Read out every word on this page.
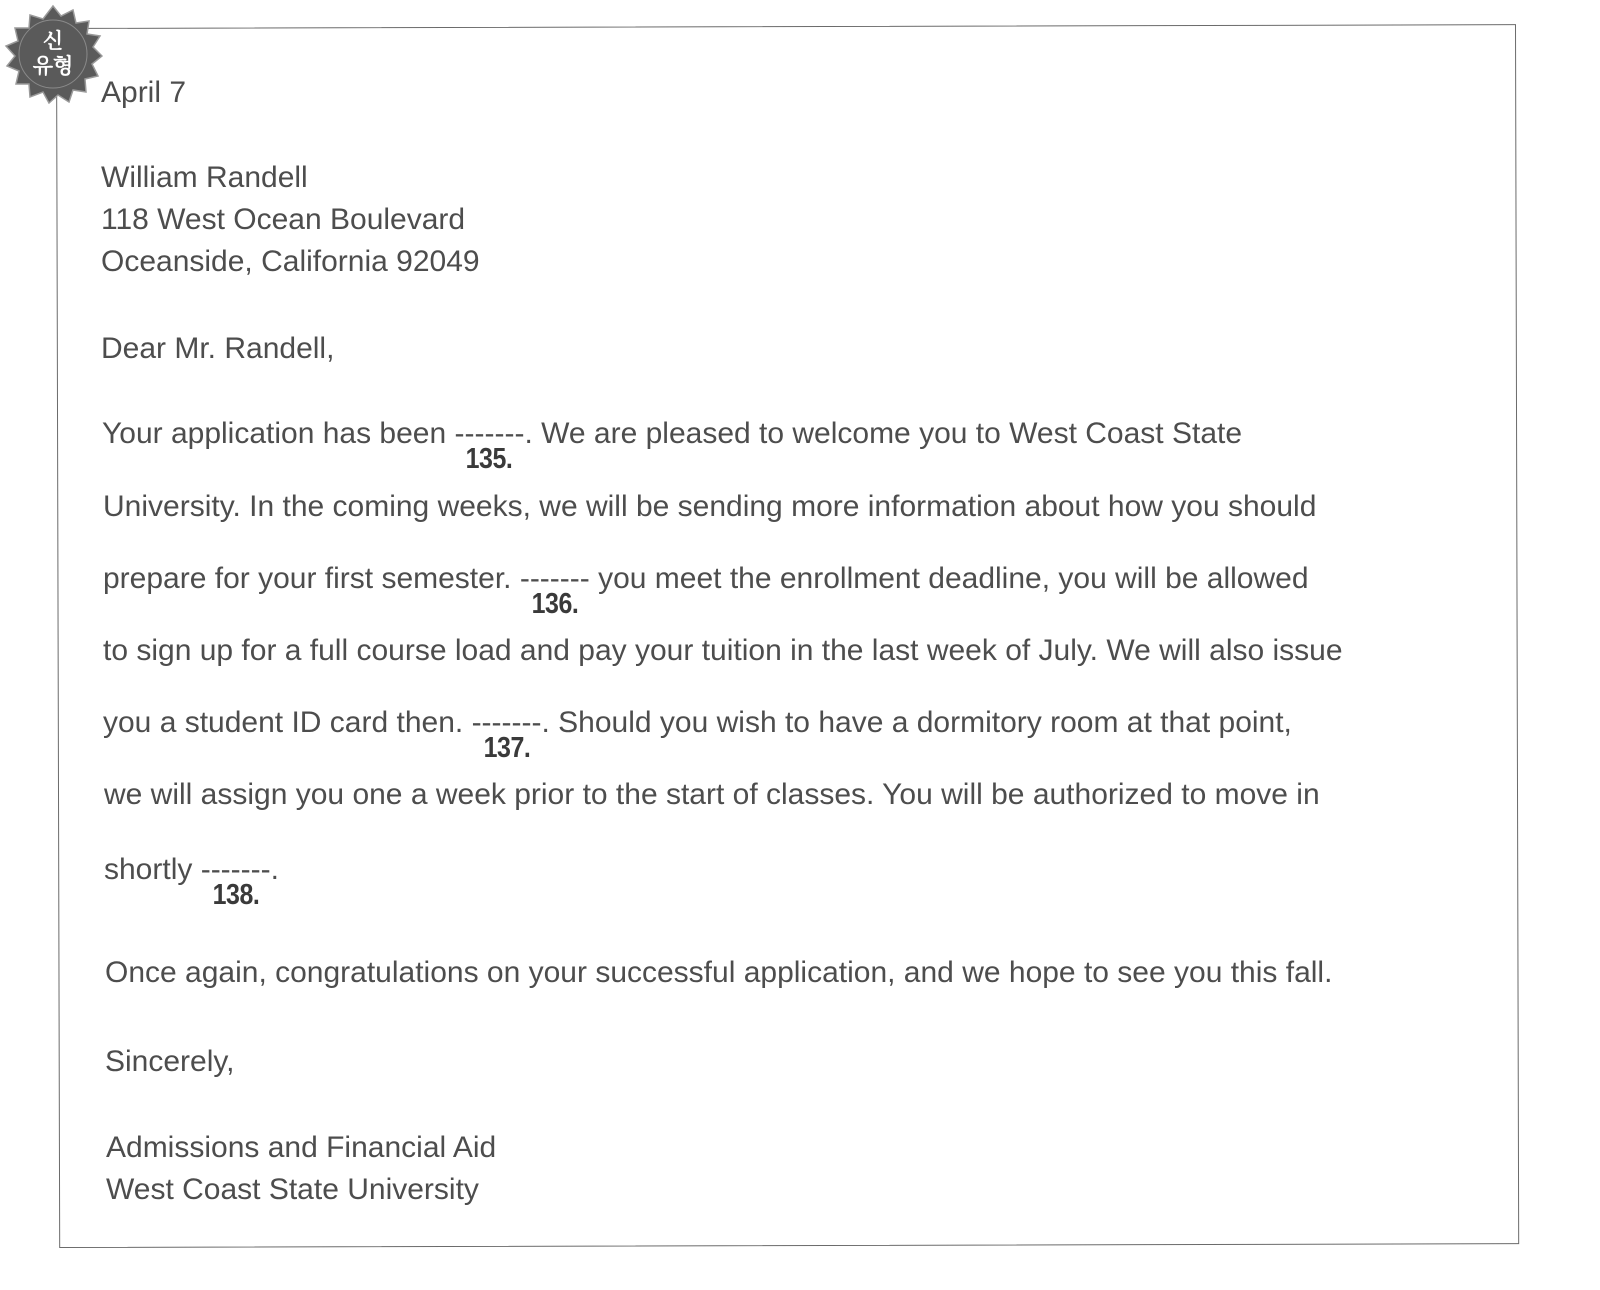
신
유형
April 7
William Randell
118 West Ocean Boulevard
Oceanside, California 92049
Dear Mr. Randell,
Your application has been -------
135.
. We are pleased to welcome you to West Coast State
University. In the coming weeks, we will be sending more information about how you should
prepare for your first semester. -------
136.
you meet the enrollment deadline, you will be allowed
to sign up for a full course load and pay your tuition in the last week of July. We will also issue
you a student ID card then. -------
137.
. Should you wish to have a dormitory room at that point,
we will assign you one a week prior to the start of classes. You will be authorized to move in
shortly -------
138.
.
Once again, congratulations on your successful application, and we hope to see you this fall.
Sincerely,
Admissions and Financial Aid
West Coast State University
